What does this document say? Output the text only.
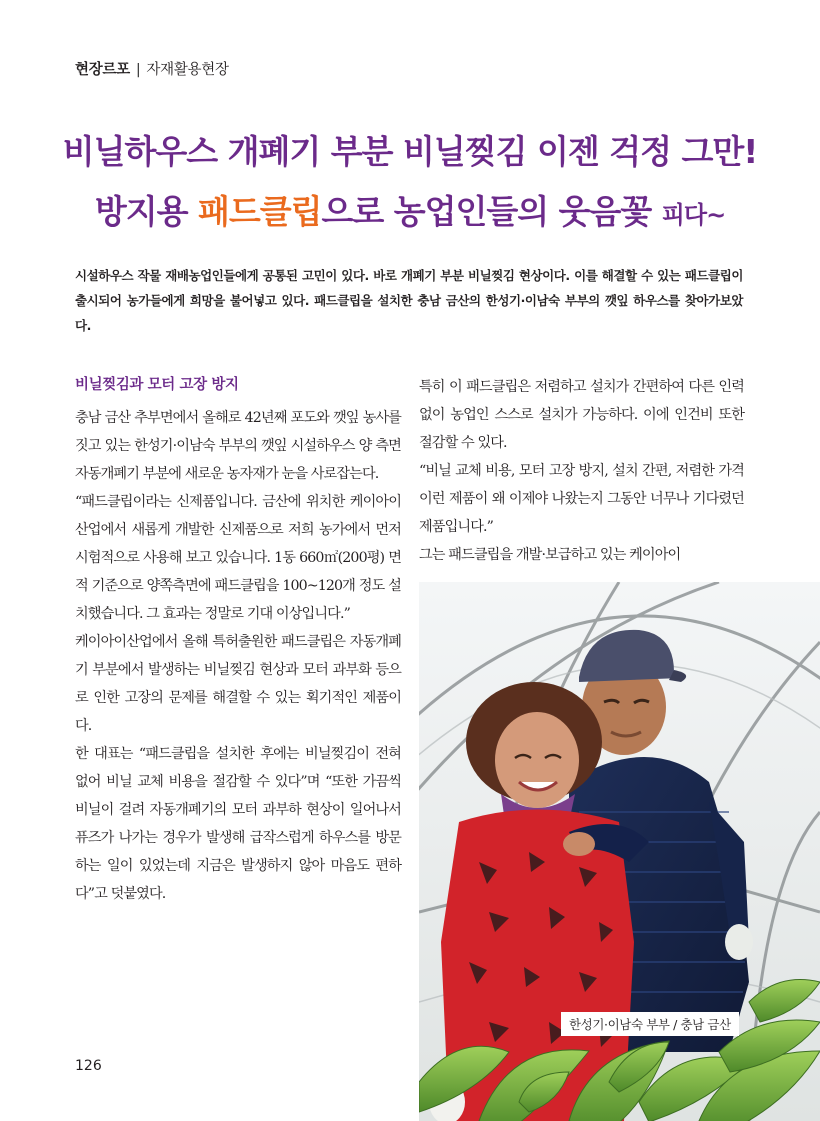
현장르포 | 자재활용현장
비닐하우스 개폐기 부분 비닐찢김 이젠 걱정 그만!
방지용 패드클립으로 농업인들의 웃음꽃 피다~
시설하우스 작물 재배농업인들에게 공통된 고민이 있다. 바로 개폐기 부분 비닐찢김 현상이다. 이를 해결할 수 있는 패드클립이 출시되어 농가들에게 희망을 불어넣고 있다. 패드클립을 설치한 충남 금산의 한성기·이남숙 부부의 깻잎 하우스를 찾아가보았다.
비닐찢김과 모터 고장 방지

충남 금산 추부면에서 올해로 42년째 포도와 깻잎 농사를 짓고 있는 한성기·이남숙 부부의 깻잎 시설하우스 양 측면 자동개폐기 부분에 새로운 농자재가 눈을 사로잡는다.

“패드클립이라는 신제품입니다. 금산에 위치한 케이아이산업에서 새롭게 개발한 신제품으로 저희 농가에서 먼저 시험적으로 사용해 보고 있습니다. 1동 660㎡(200평) 면적 기준으로 양쪽측면에 패드클립을 100~120개 정도 설치했습니다. 그 효과는 정말로 기대 이상입니다.”

케이아이산업에서 올해 특허출원한 패드클립은 자동개폐기 부분에서 발생하는 비닐찢김 현상과 모터 과부화 등으로 인한 고장의 문제를 해결할 수 있는 획기적인 제품이다.

한 대표는 “패드클립을 설치한 후에는 비닐찢김이 전혀 없어 비닐 교체 비용을 절감할 수 있다”며 “또한 가끔씩 비닐이 걸려 자동개폐기의 모터 과부하 현상이 일어나서 퓨즈가 나가는 경우가 발생해 급작스럽게 하우스를 방문하는 일이 있었는데 지금은 발생하지 않아 마음도 편하다”고 덧붙였다.

특히 이 패드클립은 저렴하고 설치가 간편하여 다른 인력 없이 농업인 스스로 설치가 가능하다. 이에 인건비 또한 절감할 수 있다.

“비닐 교체 비용, 모터 고장 방지, 설치 간편, 저렴한 가격 이런 제품이 왜 이제야 나왔는지 그동안 너무나 기다렸던 제품입니다.”

그는 패드클립을 개발·보급하고 있는 케이아이

한성기·이남숙 부부 / 충남 금산
126
